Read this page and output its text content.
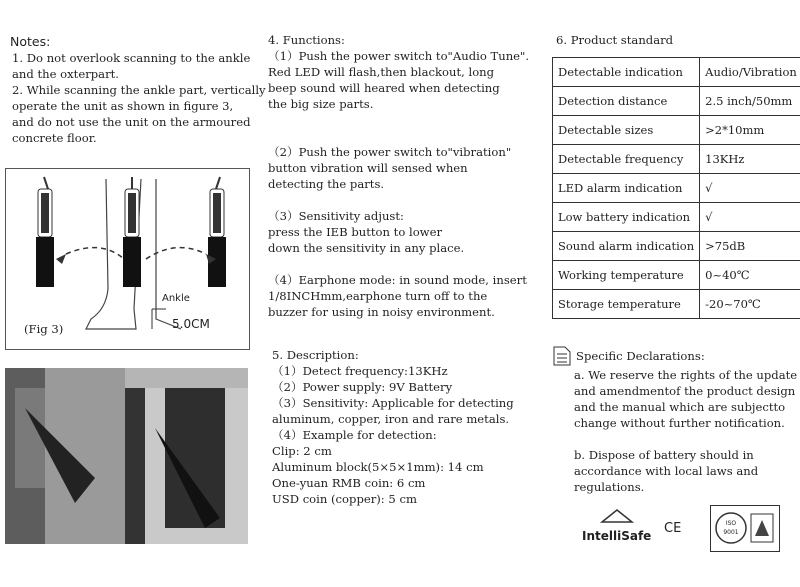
Notes:
1. Do not overlook scanning to the ankle
and the oxterpart.
2. While scanning the ankle part, vertically
operate the unit as shown in figure 3,
and do not use the unit on the armoured
concrete floor.
Ankle
5.0CM
(Fig 3)
4. Functions:
（1）Push the power switch to"Audio Tune".
Red LED will flash,then blackout, long
beep sound will heared when detecting
the big size parts.
（2）Push the power switch to"vibration"
button vibration will sensed when
detecting the parts.
（3）Sensitivity adjust:
press the IEB button to lower
down the sensitivity in any place.
（4）Earphone mode: in sound mode, insert
1/8INCHmm,earphone turn off to the
buzzer for using in noisy environment.
5. Description:
（1）Detect frequency:13KHz
（2）Power supply: 9V Battery
（3）Sensitivity: Applicable for detecting
aluminum, copper, iron and rare metals.
（4）Example for detection:
Clip: 2 cm
Aluminum block(5×5×1mm): 14 cm
One-yuan RMB coin: 6 cm
USD coin (copper): 5 cm
6. Product standard
Detectable indication	Audio/Vibration
Detection distance	2.5 inch/50mm
Detectable sizes	>2*10mm
Detectable frequency	13KHz
LED alarm indication	√
Low battery indication	√
Sound alarm indication	>75dB
Working temperature	0~40℃
Storage temperature	-20~70℃
Specific Declarations:
a. We reserve the rights of the update
and amendmentof the product design
and the manual which are subjectto
change without further notification.
b. Dispose of battery should in
accordance with local laws and
regulations.
IntelliSafe CE	ISO
9001
